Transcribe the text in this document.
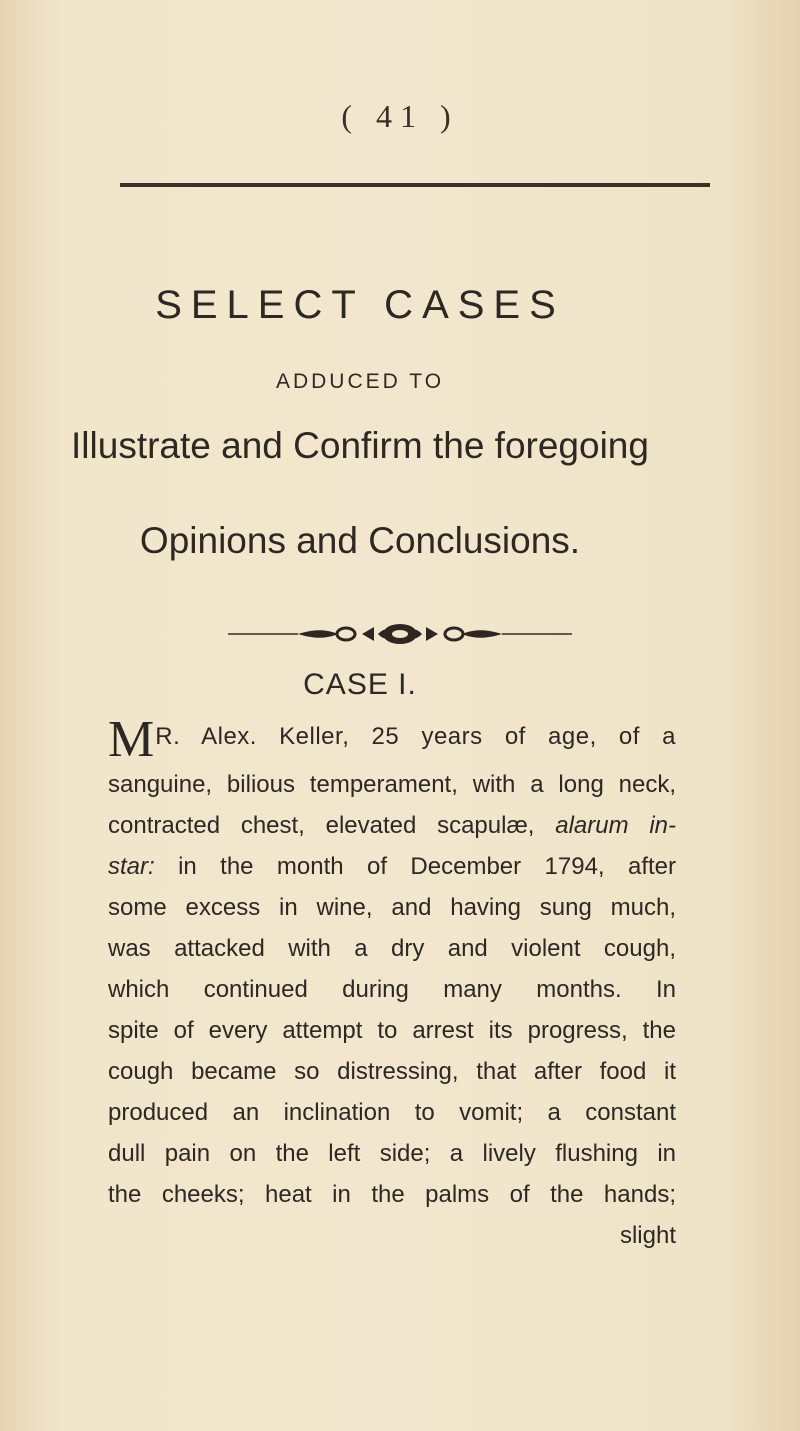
( 41 )
SELECT CASES
ADDUCED TO
Illustrate and Confirm the foregoing
Opinions and Conclusions.
CASE I.
MR. Alex. Keller, 25 years of age, of a
sanguine, bilious temperament, with a long neck,
contracted chest, elevated scapulæ, alarum in-
star: in the month of December 1794, after
some excess in wine, and having sung much,
was attacked with a dry and violent cough,
which continued during many months. In
spite of every attempt to arrest its progress, the
cough became so distressing, that after food it
produced an inclination to vomit; a constant
dull pain on the left side; a lively flushing in
the cheeks; heat in the palms of the hands;
slight
